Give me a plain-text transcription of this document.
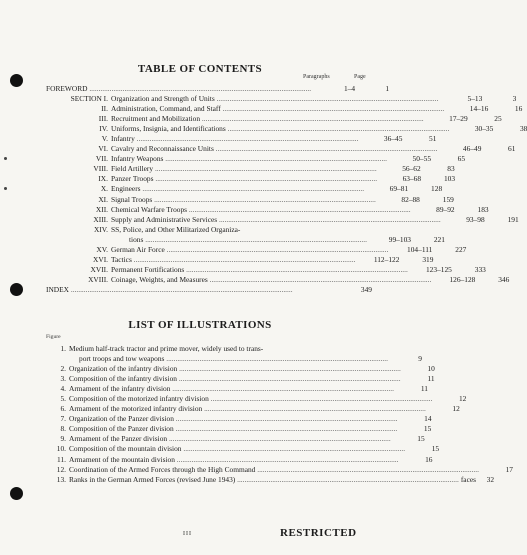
TABLE OF CONTENTS
Paragraphs	Page
FOREWORD ........................................................................................................................	1–4	1
SECTION I. Organization and Strength of Units ........................................................................................................................	5–13	3
II. Administration, Command, and Staff ........................................................................................................................	14–16	16
III. Recruitment and Mobilization ........................................................................................................................	17–29	25
IV. Uniforms, Insignia, and Identifications ........................................................................................................................	30–35	38
V. Infantry ........................................................................................................................	36–45	51
VI. Cavalry and Reconnaissance Units ........................................................................................................................	46–49	61
VII. Infantry Weapons ........................................................................................................................	50–55	65
VIII. Field Artillery ........................................................................................................................	56–62	83
IX. Panzer Troops ........................................................................................................................	63–68	103
X. Engineers ........................................................................................................................	69–81	128
XI. Signal Troops ........................................................................................................................	82–88	159
XII. Chemical Warfare Troops ........................................................................................................................	89–92	183
XIII. Supply and Administrative Services ........................................................................................................................	93–98	191
XIV. SS, Police, and Other Militarized Organiza-
tions ........................................................................................................................	99–103	221
XV. German Air Force ........................................................................................................................	104–111	227
XVI. Tactics ........................................................................................................................	112–122	319
XVII. Permanent Fortifications ........................................................................................................................	123–125	333
XVIII. Coinage, Weights, and Measures ........................................................................................................................	126–128	346
INDEX ........................................................................................................................	349
LIST OF ILLUSTRATIONS
Figure
1. Medium half-track tractor and prime mover, widely used to trans-
port troops and tow weapons ........................................................................................................................	9
2. Organization of the infantry division ........................................................................................................................	10
3. Composition of the infantry division ........................................................................................................................	11
4. Armament of the infantry division ........................................................................................................................	11
5. Composition of the motorized infantry division ........................................................................................................................	12
6. Armament of the motorized infantry division ........................................................................................................................	12
7. Organization of the Panzer division ........................................................................................................................	14
8. Composition of the Panzer division ........................................................................................................................	15
9. Armament of the Panzer division ........................................................................................................................	15
10. Composition of the mountain division ........................................................................................................................	15
11. Armament of the mountain division ........................................................................................................................	16
12. Coordination of the Armed Forces through the High Command ........................................................................................................................	17
13. Ranks in the German Armed Forces (revised June 1943) ........................................................................................................................ faces	32
III	RESTRICTED
